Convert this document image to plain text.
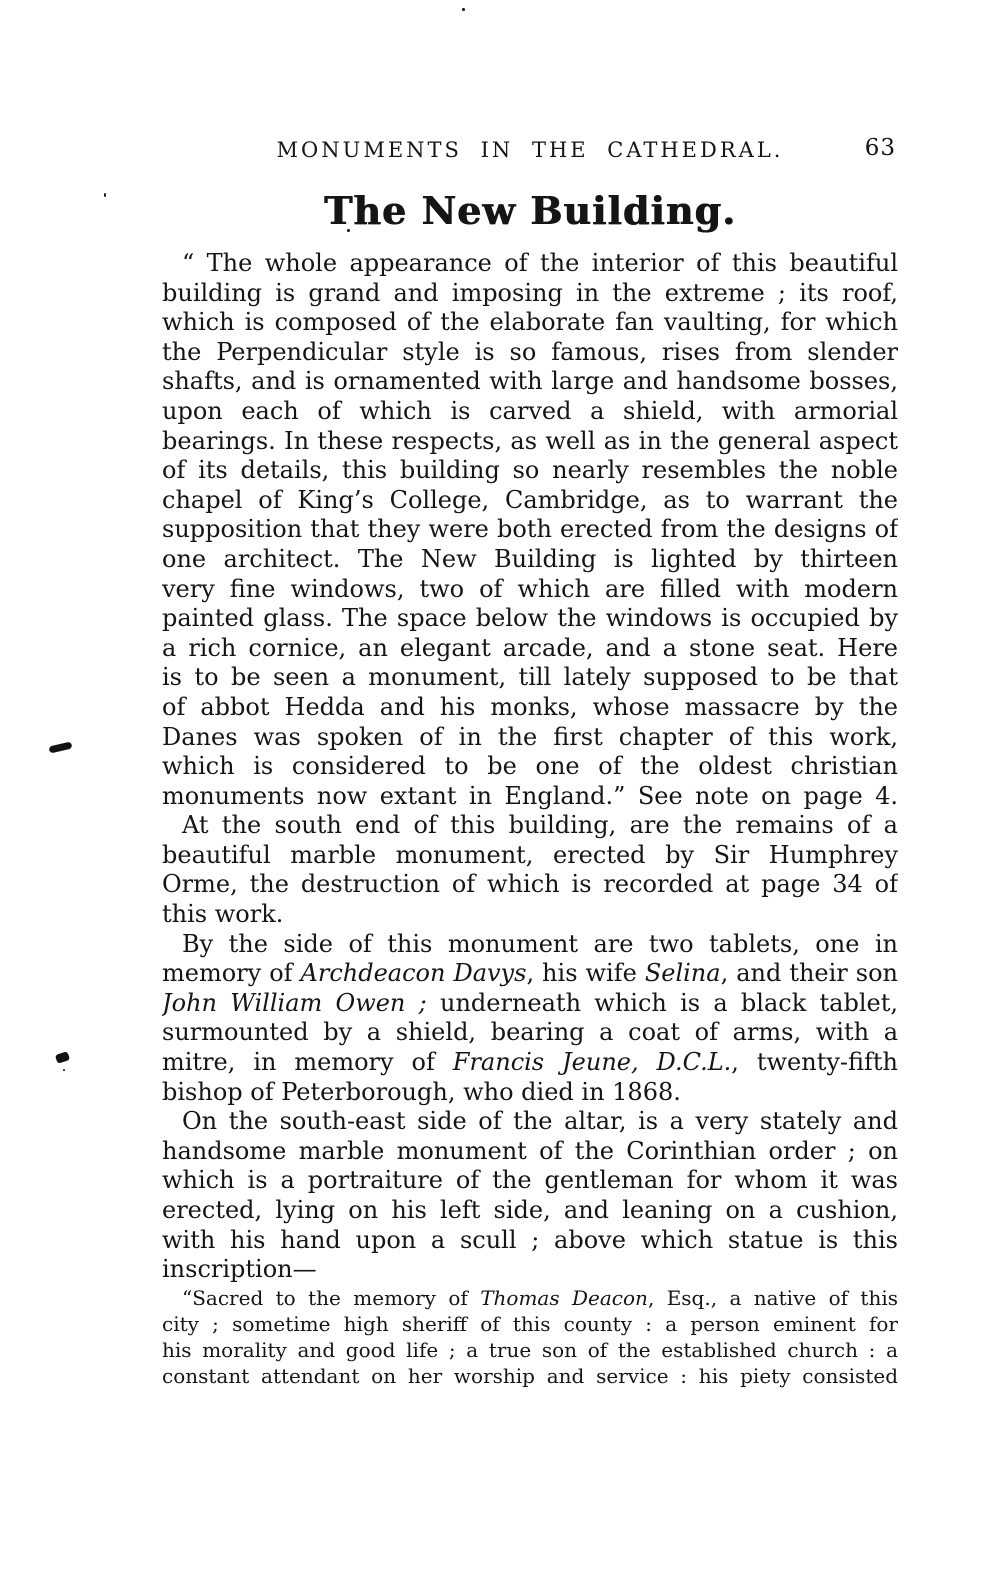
MONUMENTS IN THE CATHEDRAL.	63
The New Building.
“ The whole appearance of the interior of this beautiful
building is grand and imposing in the extreme ; its roof,
which is composed of the elaborate fan vaulting, for which
the Perpendicular style is so famous, rises from slender
shafts, and is ornamented with large and handsome bosses,
upon each of which is carved a shield, with armorial
bearings. In these respects, as well as in the general aspect
of its details, this building so nearly resembles the noble
chapel of King’s College, Cambridge, as to warrant the
supposition that they were both erected from the designs of
one architect. The New Building is lighted by thirteen
very fine windows, two of which are filled with modern
painted glass. The space below the windows is occupied by
a rich cornice, an elegant arcade, and a stone seat. Here
is to be seen a monument, till lately supposed to be that
of abbot Hedda and his monks, whose massacre by the
Danes was spoken of in the first chapter of this work,
which is considered to be one of the oldest christian
monuments now extant in England.” See note on page 4.
At the south end of this building, are the remains of a
beautiful marble monument, erected by Sir Humphrey
Orme, the destruction of which is recorded at page 34 of
this work.
By the side of this monument are two tablets, one in
memory of Archdeacon Davys, his wife Selina, and their son
John William Owen ; underneath which is a black tablet,
surmounted by a shield, bearing a coat of arms, with a
mitre, in memory of Francis Jeune, D.C.L., twenty-fifth
bishop of Peterborough, who died in 1868.
On the south-east side of the altar, is a very stately and
handsome marble monument of the Corinthian order ; on
which is a portraiture of the gentleman for whom it was
erected, lying on his left side, and leaning on a cushion,
with his hand upon a scull ; above which statue is this
inscription—
“Sacred to the memory of Thomas Deacon, Esq., a native of this
city ; sometime high sheriff of this county : a person eminent for
his morality and good life ; a true son of the established church : a
constant attendant on her worship and service : his piety consisted
